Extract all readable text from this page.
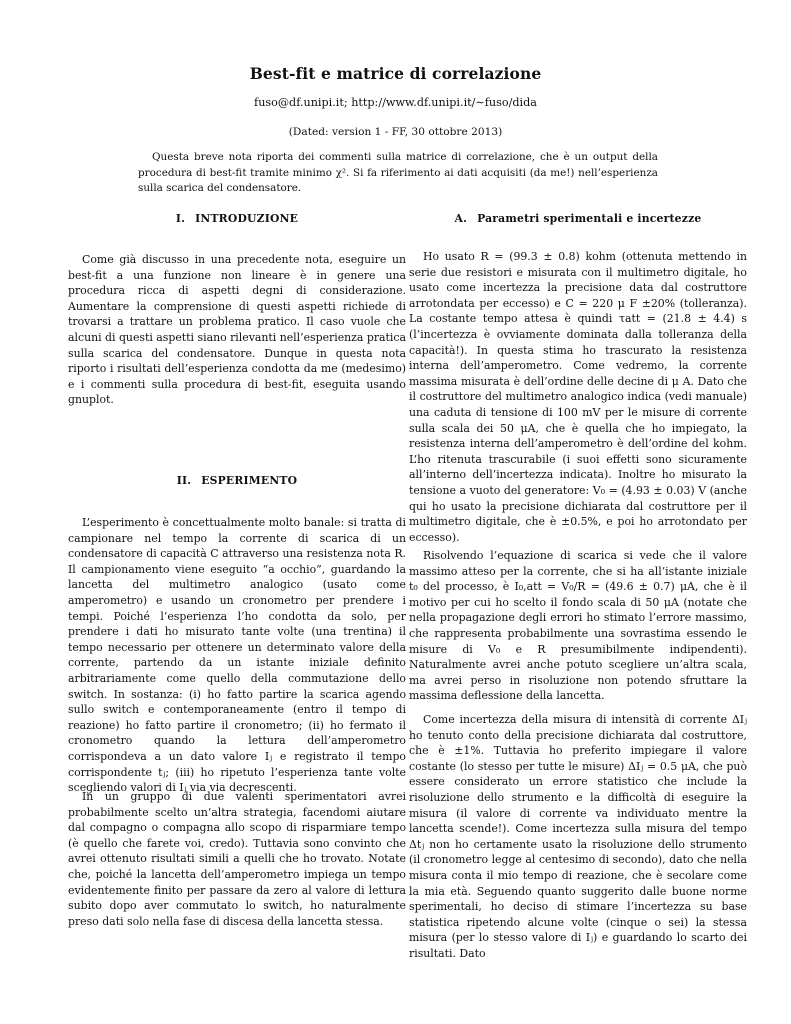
Best-fit e matrice di correlazione
fuso@df.unipi.it; http://www.df.unipi.it/∼fuso/dida
(Dated: version 1 - FF, 30 ottobre 2013)
Questa breve nota riporta dei commenti sulla matrice di correlazione, che è un output della procedura di best-fit tramite minimo χ². Si fa riferimento ai dati acquisiti (da me!) nell’esperienza sulla scarica del condensatore.
I. INTRODUZIONE

Come già discusso in una precedente nota, eseguire un best-fit a una funzione non lineare è in genere una procedura ricca di aspetti degni di considerazione. Aumentare la comprensione di questi aspetti richiede di trovarsi a trattare un problema pratico. Il caso vuole che alcuni di questi aspetti siano rilevanti nell’esperienza pratica sulla scarica del condensatore. Dunque in questa nota riporto i risultati dell’esperienza condotta da me (medesimo) e i commenti sulla procedura di best-fit, eseguita usando gnuplot.

II. ESPERIMENTO

L’esperimento è concettualmente molto banale: si tratta di campionare nel tempo la corrente di scarica di un condensatore di capacità C attraverso una resistenza nota R. Il campionamento viene eseguito “a occhio”, guardando la lancetta del multimetro analogico (usato come amperometro) e usando un cronometro per prendere i tempi. Poiché l’esperienza l’ho condotta da solo, per prendere i dati ho misurato tante volte (una trentina) il tempo necessario per ottenere un determinato valore della corrente, partendo da un istante iniziale definito arbitrariamente come quello della commutazione dello switch. In sostanza: (i) ho fatto partire la scarica agendo sullo switch e contemporaneamente (entro il tempo di reazione) ho fatto partire il cronometro; (ii) ho fermato il cronometro quando la lettura dell’amperometro corrispondeva a un dato valore Iⱼ e registrato il tempo corrispondente tⱼ; (iii) ho ripetuto l’esperienza tante volte scegliendo valori di Iⱼ via via decrescenti.

In un gruppo di due valenti sperimentatori avrei probabilmente scelto un’altra strategia, facendomi aiutare dal compagno o compagna allo scopo di risparmiare tempo (è quello che farete voi, credo). Tuttavia sono convinto che avrei ottenuto risultati simili a quelli che ho trovato. Notate che, poiché la lancetta dell’amperometro impiega un tempo evidentemente finito per passare da zero al valore di lettura subito dopo aver commutato lo switch, ho naturalmente preso dati solo nella fase di discesa della lancetta stessa.

A. Parametri sperimentali e incertezze

Ho usato R = (99.3 ± 0.8) kohm (ottenuta mettendo in serie due resistori e misurata con il multimetro digitale, ho usato come incertezza la precisione data dal costruttore arrotondata per eccesso) e C = 220 μ F ±20% (tolleranza). La costante tempo attesa è quindi τatt = (21.8 ± 4.4) s (l’incertezza è ovviamente dominata dalla tolleranza della capacità!). In questa stima ho trascurato la resistenza interna dell’amperometro. Come vedremo, la corrente massima misurata è dell’ordine delle decine di μ A. Dato che il costruttore del multimetro analogico indica (vedi manuale) una caduta di tensione di 100 mV per le misure di corrente sulla scala dei 50 μA, che è quella che ho impiegato, la resistenza interna dell’amperometro è dell’ordine del kohm. L’ho ritenuta trascurabile (i suoi effetti sono sicuramente all’interno dell’incertezza indicata). Inoltre ho misurato la tensione a vuoto del generatore: V₀ = (4.93 ± 0.03) V (anche qui ho usato la precisione dichiarata dal costruttore per il multimetro digitale, che è ±0.5%, e poi ho arrotondato per eccesso).

Risolvendo l’equazione di scarica si vede che il valore massimo atteso per la corrente, che si ha all’istante iniziale t₀ del processo, è I₀,att = V₀/R = (49.6 ± 0.7) μA, che è il motivo per cui ho scelto il fondo scala di 50 μA (notate che nella propagazione degli errori ho stimato l’errore massimo, che rappresenta probabilmente una sovrastima essendo le misure di V₀ e R presumibilmente indipendenti). Naturalmente avrei anche potuto scegliere un’altra scala, ma avrei perso in risoluzione non potendo sfruttare la massima deflessione della lancetta.

Come incertezza della misura di intensità di corrente ΔIⱼ ho tenuto conto della precisione dichiarata dal costruttore, che è ±1%. Tuttavia ho preferito impiegare il valore costante (lo stesso per tutte le misure) ΔIⱼ = 0.5 μA, che può essere considerato un errore statistico che include la risoluzione dello strumento e la difficoltà di eseguire la misura (il valore di corrente va individuato mentre la lancetta scende!). Come incertezza sulla misura del tempo Δtⱼ non ho certamente usato la risoluzione dello strumento (il cronometro legge al centesimo di secondo), dato che nella misura conta il mio tempo di reazione, che è secolare come la mia età. Seguendo quanto suggerito dalle buone norme sperimentali, ho deciso di stimare l’incertezza su base statistica ripetendo alcune volte (cinque o sei) la stessa misura (per lo stesso valore di Iⱼ) e guardando lo scarto dei risultati. Dato
